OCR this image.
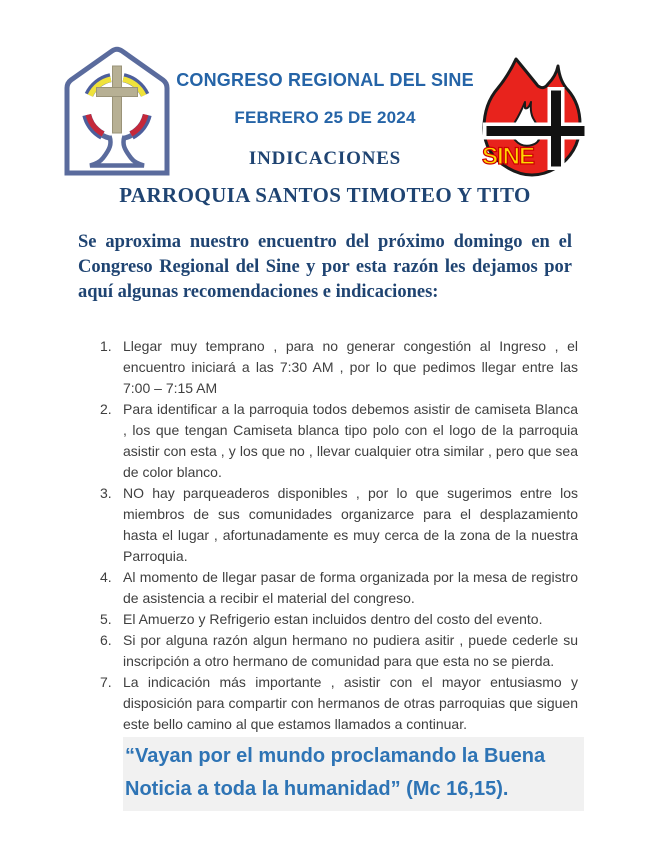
CONGRESO REGIONAL DEL SINE
FEBRERO 25 DE 2024
INDICACIONES
PARROQUIA SANTOS TIMOTEO Y TITO
SINE

Se aproxima nuestro encuentro del próximo domingo en el Congreso Regional del Sine y por esta razón les dejamos por aquí algunas recomendaciones e indicaciones:

1. Llegar muy temprano , para no generar congestión al Ingreso , el encuentro iniciará a las 7:30 AM , por lo que pedimos llegar entre las 7:00 – 7:15 AM
2. Para identificar a la parroquia todos debemos asistir de camiseta Blanca , los que tengan Camiseta blanca tipo polo con el logo de la parroquia asistir con esta , y los que no , llevar cualquier otra similar , pero que sea de color blanco.
3. NO hay parqueaderos disponibles , por lo que sugerimos entre los miembros de sus comunidades organizarce para el desplazamiento hasta el lugar , afortunadamente es muy cerca de la zona de la nuestra Parroquia.
4. Al momento de llegar pasar de forma organizada por la mesa de registro de asistencia a recibir el material del congreso.
5. El Amuerzo y Refrigerio estan incluidos dentro del costo del evento.
6. Si por alguna razón algun hermano no pudiera asitir , puede cederle su inscripción a otro hermano de comunidad para que esta no se pierda.
7. La indicación más importante , asistir con el mayor entusiasmo y disposición para compartir con hermanos de otras parroquias que siguen este bello camino al que estamos llamados a continuar.
“Vayan por el mundo proclamando la Buena Noticia a toda la humanidad” (Mc 16,15).
